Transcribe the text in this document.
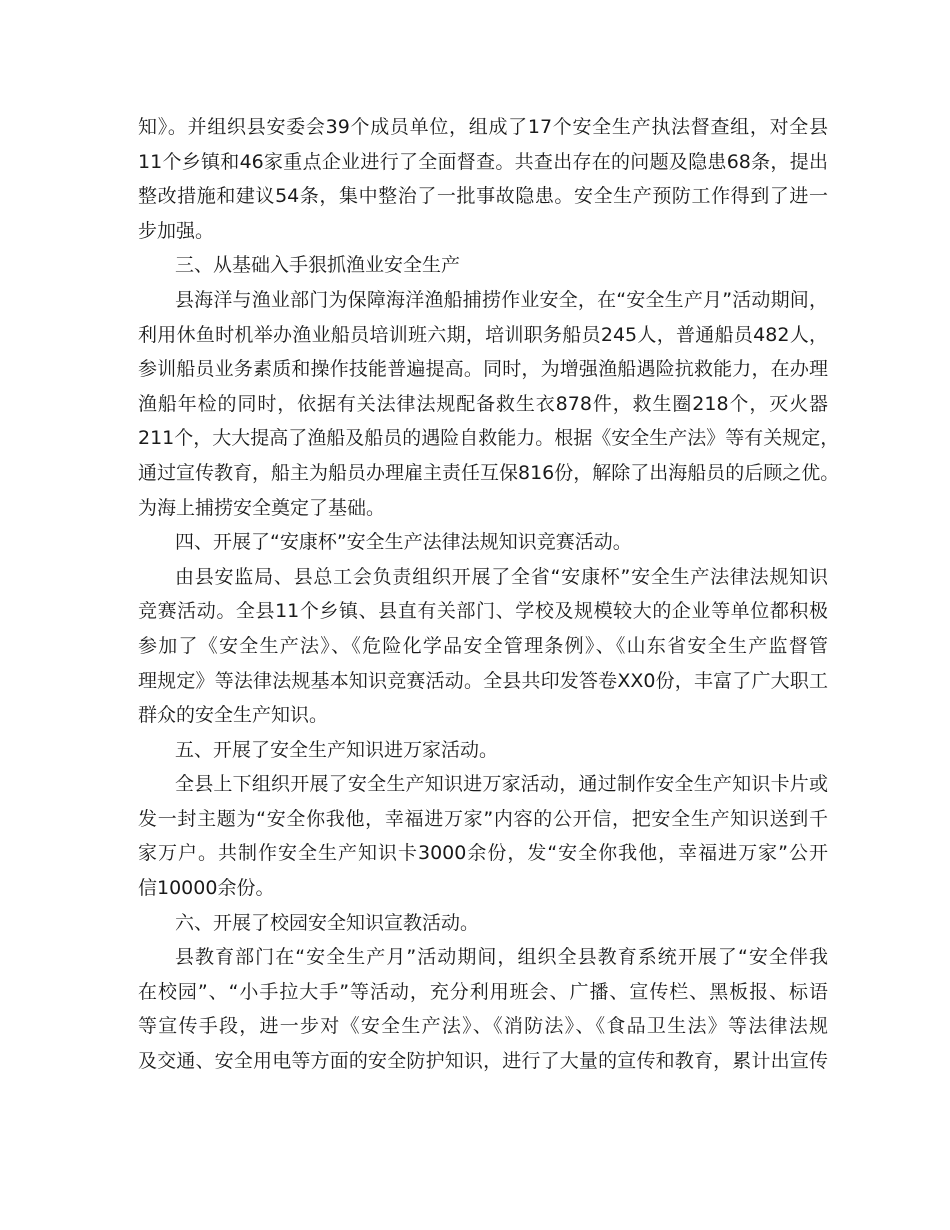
知》。并组织县安委会39个成员单位，组成了17个安全生产执法督查组，对全县
11个乡镇和46家重点企业进行了全面督查。共查出存在的问题及隐患68条，提出
整改措施和建议54条，集中整治了一批事故隐患。安全生产预防工作得到了进一
步加强。
三、从基础入手狠抓渔业安全生产
县海洋与渔业部门为保障海洋渔船捕捞作业安全，在“安全生产月”活动期间，
利用休鱼时机举办渔业船员培训班六期，培训职务船员245人，普通船员482人，
参训船员业务素质和操作技能普遍提高。同时，为增强渔船遇险抗救能力，在办理
渔船年检的同时，依据有关法律法规配备救生衣878件，救生圈218个，灭火器
211个，大大提高了渔船及船员的遇险自救能力。根据《安全生产法》等有关规定，
通过宣传教育，船主为船员办理雇主责任互保816份，解除了出海船员的后顾之优。
为海上捕捞安全奠定了基础。
四、开展了“安康杯”安全生产法律法规知识竞赛活动。
由县安监局、县总工会负责组织开展了全省“安康杯”安全生产法律法规知识
竞赛活动。全县11个乡镇、县直有关部门、学校及规模较大的企业等单位都积极
参加了《安全生产法》、《危险化学品安全管理条例》、《山东省安全生产监督管
理规定》等法律法规基本知识竞赛活动。全县共印发答卷XX0份，丰富了广大职工
群众的安全生产知识。
五、开展了安全生产知识进万家活动。
全县上下组织开展了安全生产知识进万家活动，通过制作安全生产知识卡片或
发一封主题为“安全你我他，幸福进万家”内容的公开信，把安全生产知识送到千
家万户。共制作安全生产知识卡3000余份，发“安全你我他，幸福进万家”公开
信10000余份。
六、开展了校园安全知识宣教活动。
县教育部门在“安全生产月”活动期间，组织全县教育系统开展了“安全伴我
在校园”、“小手拉大手”等活动，充分利用班会、广播、宣传栏、黑板报、标语
等宣传手段，进一步对《安全生产法》、《消防法》、《食品卫生法》等法律法规
及交通、安全用电等方面的安全防护知识，进行了大量的宣传和教育，累计出宣传
